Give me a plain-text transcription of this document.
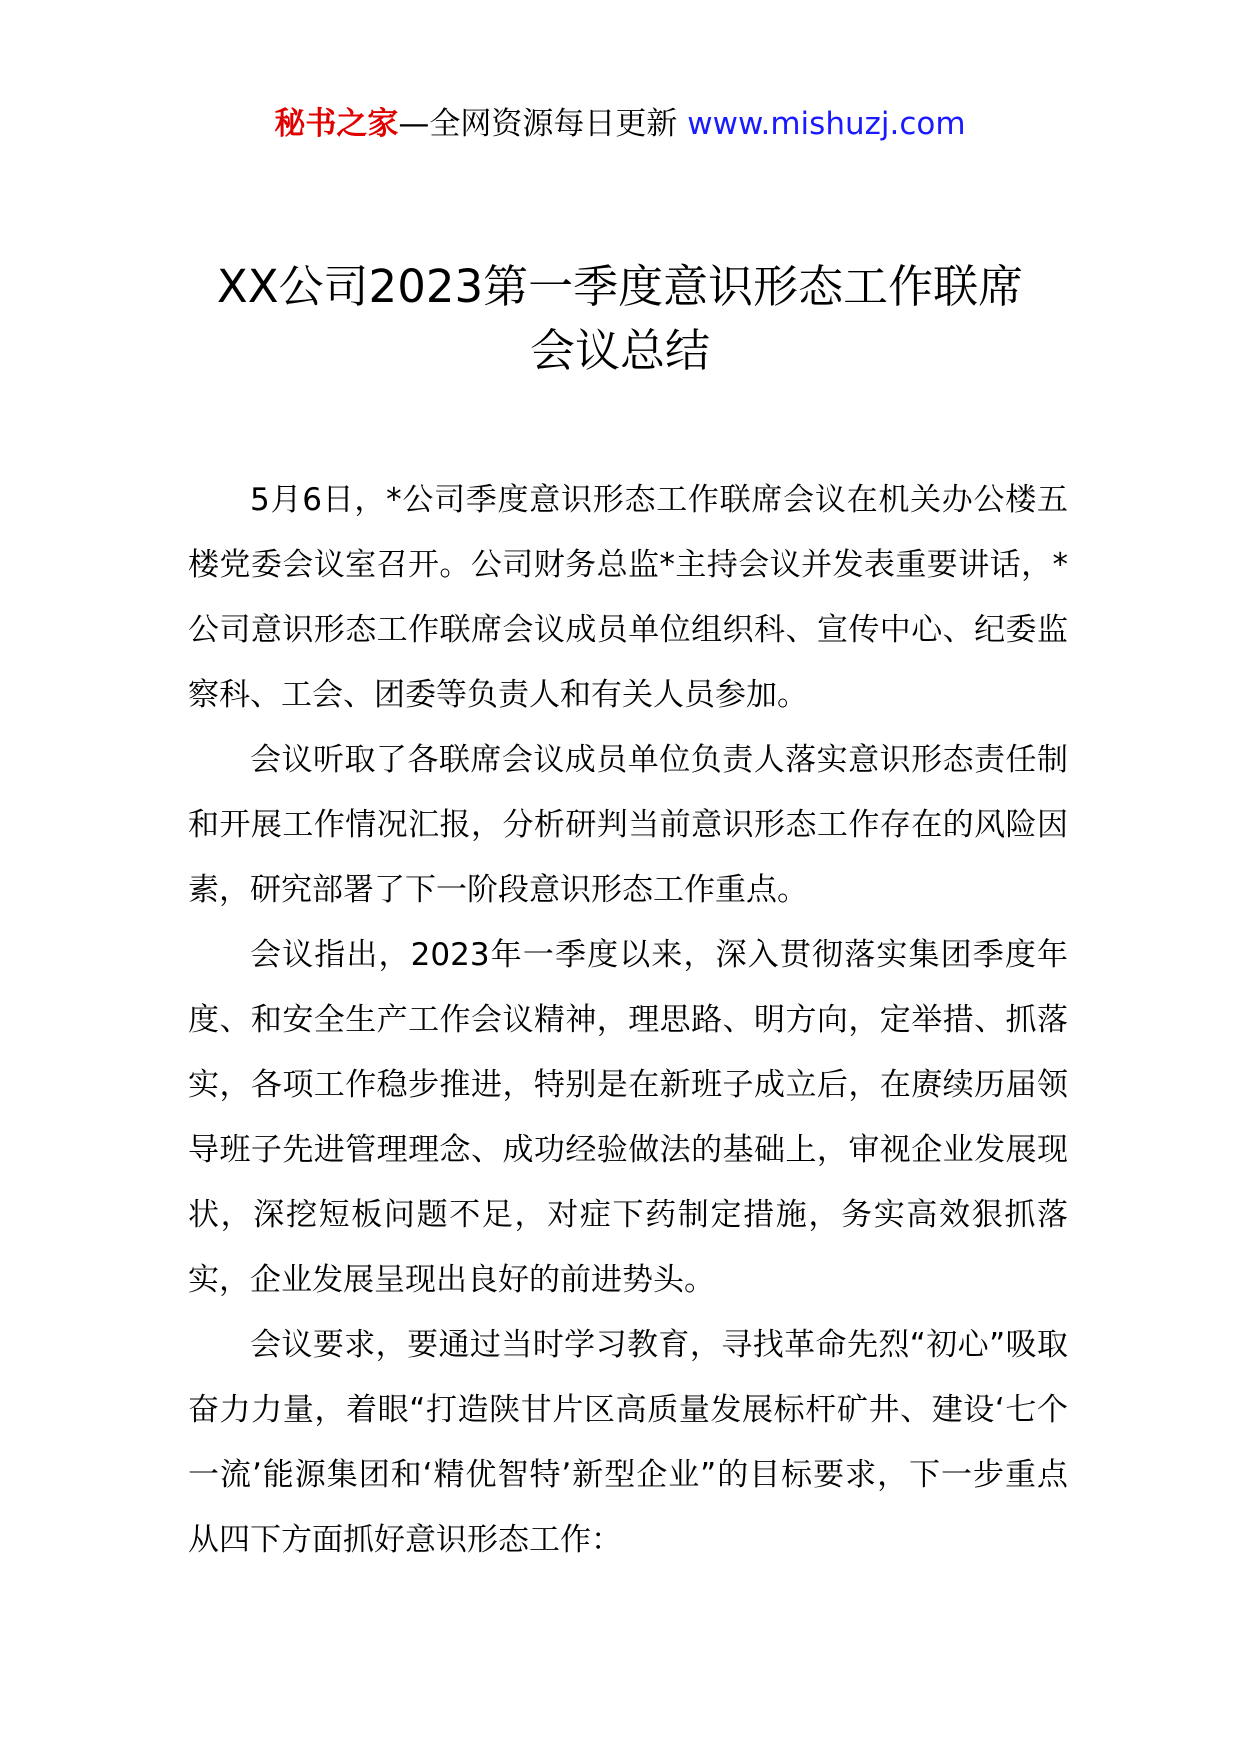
秘书之家—全网资源每日更新 www.mishuzj.com
XX公司2023第一季度意识形态工作联席
会议总结

5月6日，*公司季度意识形态工作联席会议在机关办公楼五楼党委会议室召开。公司财务总监*主持会议并发表重要讲话，*公司意识形态工作联席会议成员单位组织科、宣传中心、纪委监察科、工会、团委等负责人和有关人员参加。

会议听取了各联席会议成员单位负责人落实意识形态责任制和开展工作情况汇报，分析研判当前意识形态工作存在的风险因素，研究部署了下一阶段意识形态工作重点。

会议指出，2023年一季度以来，深入贯彻落实集团季度年度、和安全生产工作会议精神，理思路、明方向，定举措、抓落实，各项工作稳步推进，特别是在新班子成立后，在赓续历届领导班子先进管理理念、成功经验做法的基础上，审视企业发展现状，深挖短板问题不足，对症下药制定措施，务实高效狠抓落实，企业发展呈现出良好的前进势头。

会议要求，要通过当时学习教育，寻找革命先烈“初心”吸取奋力力量，着眼“打造陕甘片区高质量发展标杆矿井、建设‘七个一流’能源集团和‘精优智特’新型企业”的目标要求，下一步重点从四下方面抓好意识形态工作：
